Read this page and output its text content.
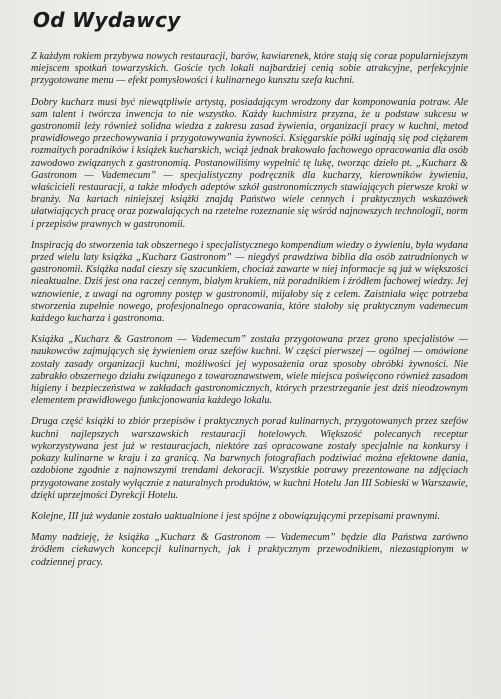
Od Wydawcy

Z każdym rokiem przybywa nowych restauracji, barów, kawiarenek, które stają się coraz popularniejszym miejscem spotkań towarzyskich. Goście tych lokali najbardziej cenią sobie atrakcyjne, perfekcyjnie przygotowane menu — efekt pomysłowości i kulinarnego kunsztu szefa kuchni.

Dobry kucharz musi być niewątpliwie artystą, posiadającym wrodzony dar komponowania potraw. Ale sam talent i twórcza inwencja to nie wszystko. Każdy kuchmistrz przyzna, że u podstaw sukcesu w gastronomii leży również solidna wiedza z zakresu zasad żywienia, organizacji pracy w kuchni, metod prawidłowego przechowywania i przygotowywania żywności. Księgarskie półki uginają się pod ciężarem rozmaitych poradników i książek kucharskich, wciąż jednak brakowało fachowego opracowania dla osób zawodowo związanych z gastronomią. Postanowiliśmy wypełnić tę lukę, tworząc dzieło pt. „Kucharz & Gastronom — Vademecum” — specjalistyczny podręcznik dla kucharzy, kierowników żywienia, właścicieli restauracji, a także młodych adeptów szkół gastronomicznych stawiających pierwsze kroki w branży. Na kartach niniejszej książki znajdą Państwo wiele cennych i praktycznych wskazówek ułatwiających pracę oraz pozwalających na rzetelne rozeznanie się wśród najnowszych technologii, norm i przepisów prawnych w gastronomii.

Inspiracją do stworzenia tak obszernego i specjalistycznego kompendium wiedzy o żywieniu, była wydana przed wielu laty książka „Kucharz Gastronom” — niegdyś prawdziwa biblia dla osób zatrudnionych w gastronomii. Książka nadal cieszy się szacunkiem, chociaż zawarte w niej informacje są już w większości nieaktualne. Dziś jest ona raczej cennym, białym krukiem, niż poradnikiem i źródłem fachowej wiedzy. Jej wznowienie, z uwagi na ogromny postęp w gastronomii, mijałoby się z celem. Zaistniała więc potrzeba stworzenia zupełnie nowego, profesjonalnego opracowania, które stałoby się praktycznym vademecum każdego kucharza i gastronoma.

Książka „Kucharz & Gastronom — Vademecum” została przygotowana przez grono specjalistów — naukowców zajmujących się żywieniem oraz szefów kuchni. W części pierwszej — ogólnej — omówione zostały zasady organizacji kuchni, możliwości jej wyposażenia oraz sposoby obróbki żywności. Nie zabrakło obszernego działu związanego z towaroznawstwem, wiele miejsca poświęcono również zasadom higieny i bezpieczeństwa w zakładach gastronomicznych, których przestrzeganie jest dziś nieodzownym elementem prawidłowego funkcjonowania każdego lokalu.

Druga część książki to zbiór przepisów i praktycznych porad kulinarnych, przygotowanych przez szefów kuchni najlepszych warszawskich restauracji hotelowych. Większość polecanych receptur wykorzystywana jest już w restauracjach, niektóre zaś opracowane zostały specjalnie na konkursy i pokazy kulinarne w kraju i za granicą. Na barwnych fotografiach podziwiać można efektowne dania, ozdobione zgodnie z najnowszymi trendami dekoracji. Wszystkie potrawy prezentowane na zdjęciach przygotowane zostały wyłącznie z naturalnych produktów, w kuchni Hotelu Jan III Sobieski w Warszawie, dzięki uprzejmości Dyrekcji Hotelu.

Kolejne, III już wydanie zostało uaktualnione i jest spójne z obowiązującymi przepisami prawnymi.

Mamy nadzieję, że książka „Kucharz & Gastronom — Vademecum” będzie dla Państwa zarówno źródłem ciekawych koncepcji kulinarnych, jak i praktycznym przewodnikiem, niezastąpionym w codziennej pracy.
